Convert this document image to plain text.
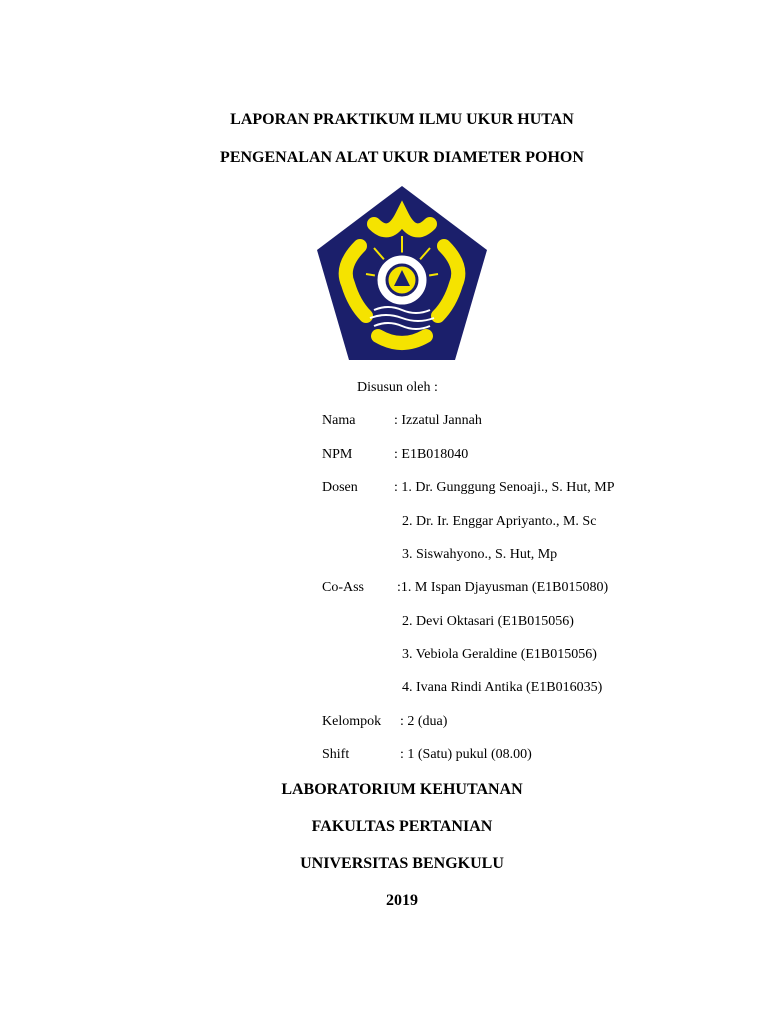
LAPORAN PRAKTIKUM ILMU UKUR HUTAN
PENGENALAN ALAT UKUR DIAMETER POHON
Disusun oleh :
Nama	: Izzatul Jannah
NPM	: E1B018040
Dosen	: 1. Dr. Gunggung Senoaji., S. Hut, MP
2. Dr. Ir. Enggar Apriyanto., M. Sc
3. Siswahyono., S. Hut, Mp
Co-Ass :1. M Ispan Djayusman (E1B015080)
2. Devi Oktasari (E1B015056)
3. Vebiola Geraldine (E1B015056)
4. Ivana Rindi Antika (E1B016035)
Kelompok : 2 (dua)
Shift	: 1 (Satu) pukul (08.00)
LABORATORIUM KEHUTANAN
FAKULTAS PERTANIAN
UNIVERSITAS BENGKULU
2019
